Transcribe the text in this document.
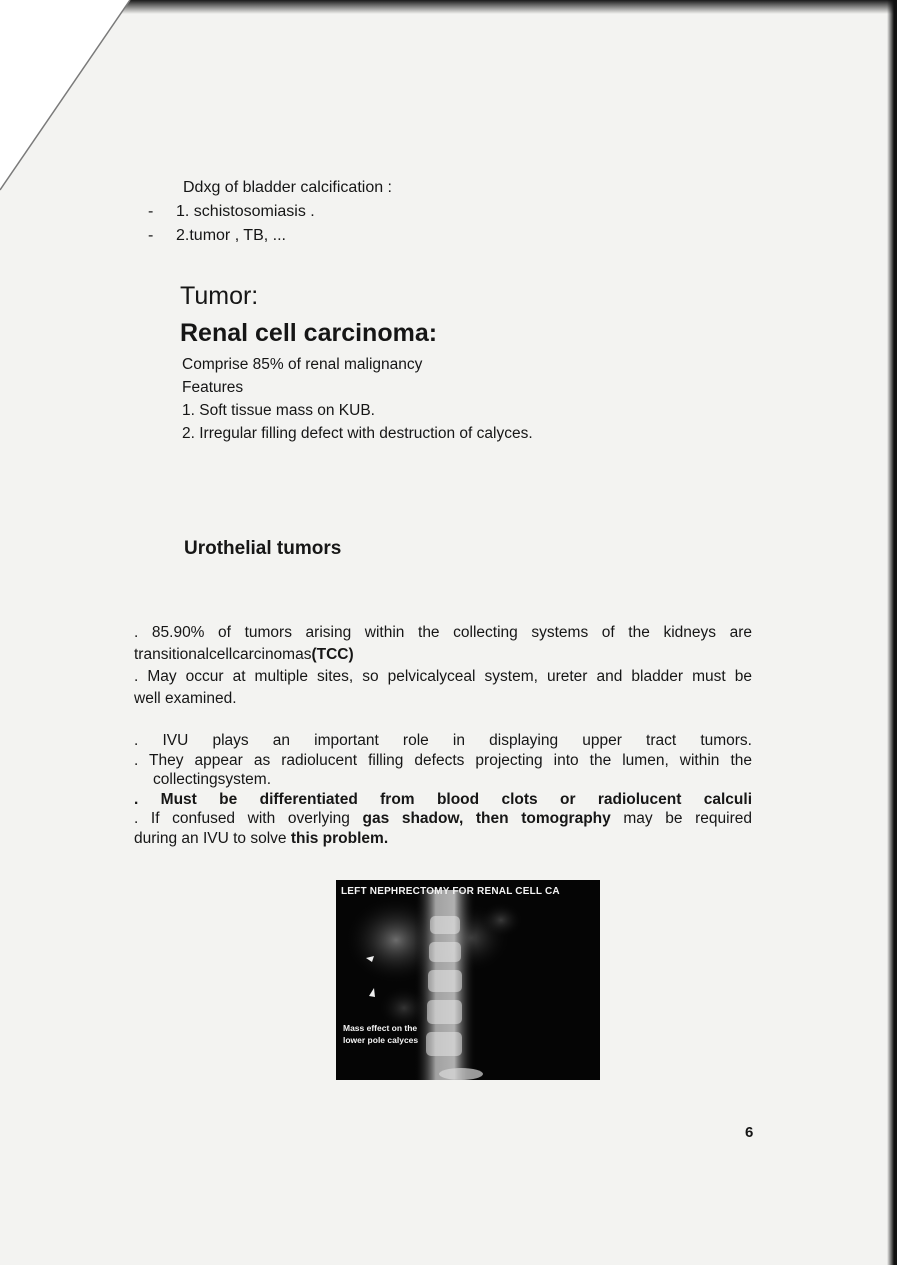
Ddxg of bladder calcification :
- 1. schistosomiasis .
- 2.tumor , TB, ...
Tumor:
Renal cell carcinoma:
Comprise 85% of renal malignancy
Features
1. Soft tissue mass on KUB.
2. Irregular filling defect with destruction of calyces.
Urothelial tumors
. 85.90% of tumors arising within the collecting systems of the kidneys are
transitionalcellcarcinomas(TCC)
. May occur at multiple sites, so pelvicalyceal system, ureter and bladder must be
well examined.
. IVU plays an important role in displaying upper tract tumors.
. They appear as radiolucent filling defects projecting into the lumen, within the
collectingsystem.
. Must be differentiated from blood clots or radiolucent calculi
. If confused with overlying gas shadow, then tomography may be required
during an IVU to solve this problem.
LEFT NEPHRECTOMY FOR RENAL CELL CA
Mass effect on the lower pole calyces
6
